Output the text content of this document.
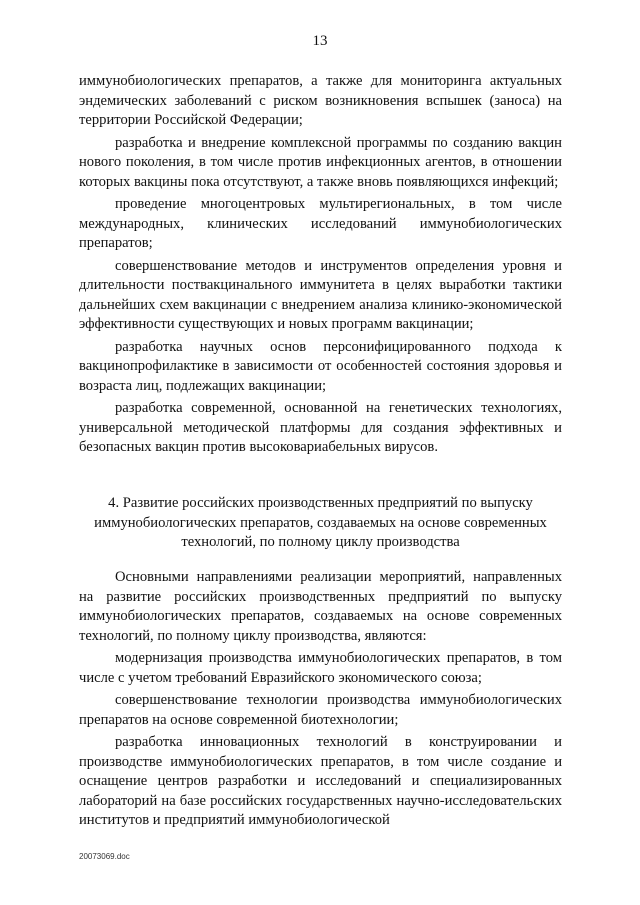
13

иммунобиологических препаратов, а также для мониторинга актуальных эндемических заболеваний с риском возникновения вспышек (заноса) на территории Российской Федерации;

разработка и внедрение комплексной программы по созданию вакцин нового поколения, в том числе против инфекционных агентов, в отношении которых вакцины пока отсутствуют, а также вновь появляющихся инфекций;

проведение многоцентровых мультирегиональных, в том числе международных, клинических исследований иммунобиологических препаратов;

совершенствование методов и инструментов определения уровня и длительности поствакцинального иммунитета в целях выработки тактики дальнейших схем вакцинации с внедрением анализа клинико-экономической эффективности существующих и новых программ вакцинации;

разработка научных основ персонифицированного подхода к вакцинопрофилактике в зависимости от особенностей состояния здоровья и возраста лиц, подлежащих вакцинации;

разработка современной, основанной на генетических технологиях, универсальной методической платформы для создания эффективных и безопасных вакцин против высоковариабельных вирусов.

4. Развитие российских производственных предприятий по выпуску иммунобиологических препаратов, создаваемых на основе современных технологий, по полному циклу производства

Основными направлениями реализации мероприятий, направленных на развитие российских производственных предприятий по выпуску иммунобиологических препаратов, создаваемых на основе современных технологий, по полному циклу производства, являются:

модернизация производства иммунобиологических препаратов, в том числе с учетом требований Евразийского экономического союза;

совершенствование технологии производства иммунобиологических препаратов на основе современной биотехнологии;

разработка инновационных технологий в конструировании и производстве иммунобиологических препаратов, в том числе создание и оснащение центров разработки и исследований и специализированных лабораторий на базе российских государственных научно-исследовательских институтов и предприятий иммунобиологической

20073069.doc
